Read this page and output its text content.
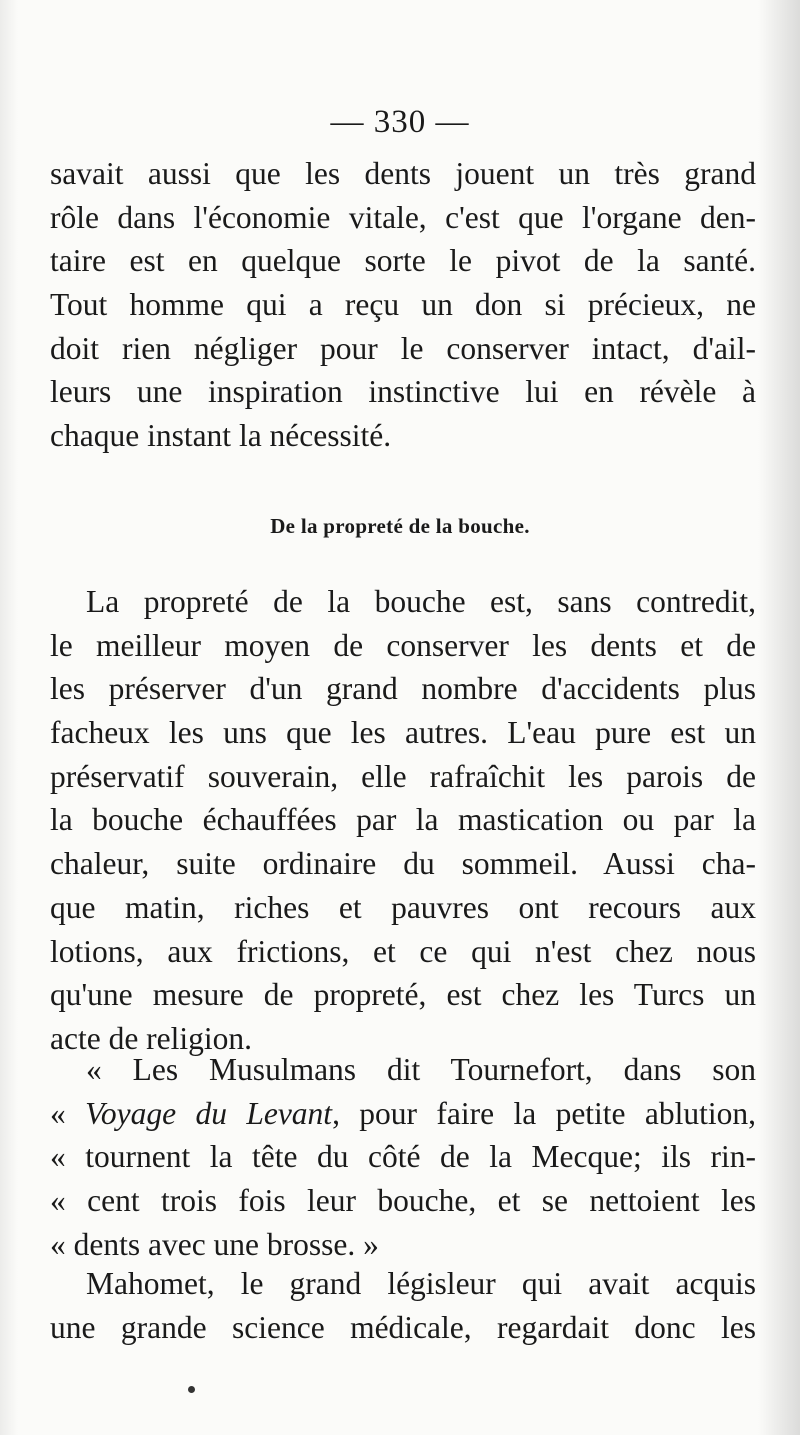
— 330 —
savait aussi que les dents jouent un très grand
rôle dans l'économie vitale, c'est que l'organe den-
taire est en quelque sorte le pivot de la santé.
Tout homme qui a reçu un don si précieux, ne
doit rien négliger pour le conserver intact, d'ail-
leurs une inspiration instinctive lui en révèle à
chaque instant la nécessité.
De la propreté de la bouche.
La propreté de la bouche est, sans contredit,
le meilleur moyen de conserver les dents et de
les préserver d'un grand nombre d'accidents plus
facheux les uns que les autres. L'eau pure est un
préservatif souverain, elle rafraîchit les parois de
la bouche échauffées par la mastication ou par la
chaleur, suite ordinaire du sommeil. Aussi cha-
que matin, riches et pauvres ont recours aux
lotions, aux frictions, et ce qui n'est chez nous
qu'une mesure de propreté, est chez les Turcs un
acte de religion.
« Les Musulmans dit Tournefort, dans son
« Voyage du Levant, pour faire la petite ablution,
« tournent la tête du côté de la Mecque; ils rin-
« cent trois fois leur bouche, et se nettoient les
« dents avec une brosse. »
Mahomet, le grand législeur qui avait acquis
une grande science médicale, regardait donc les
